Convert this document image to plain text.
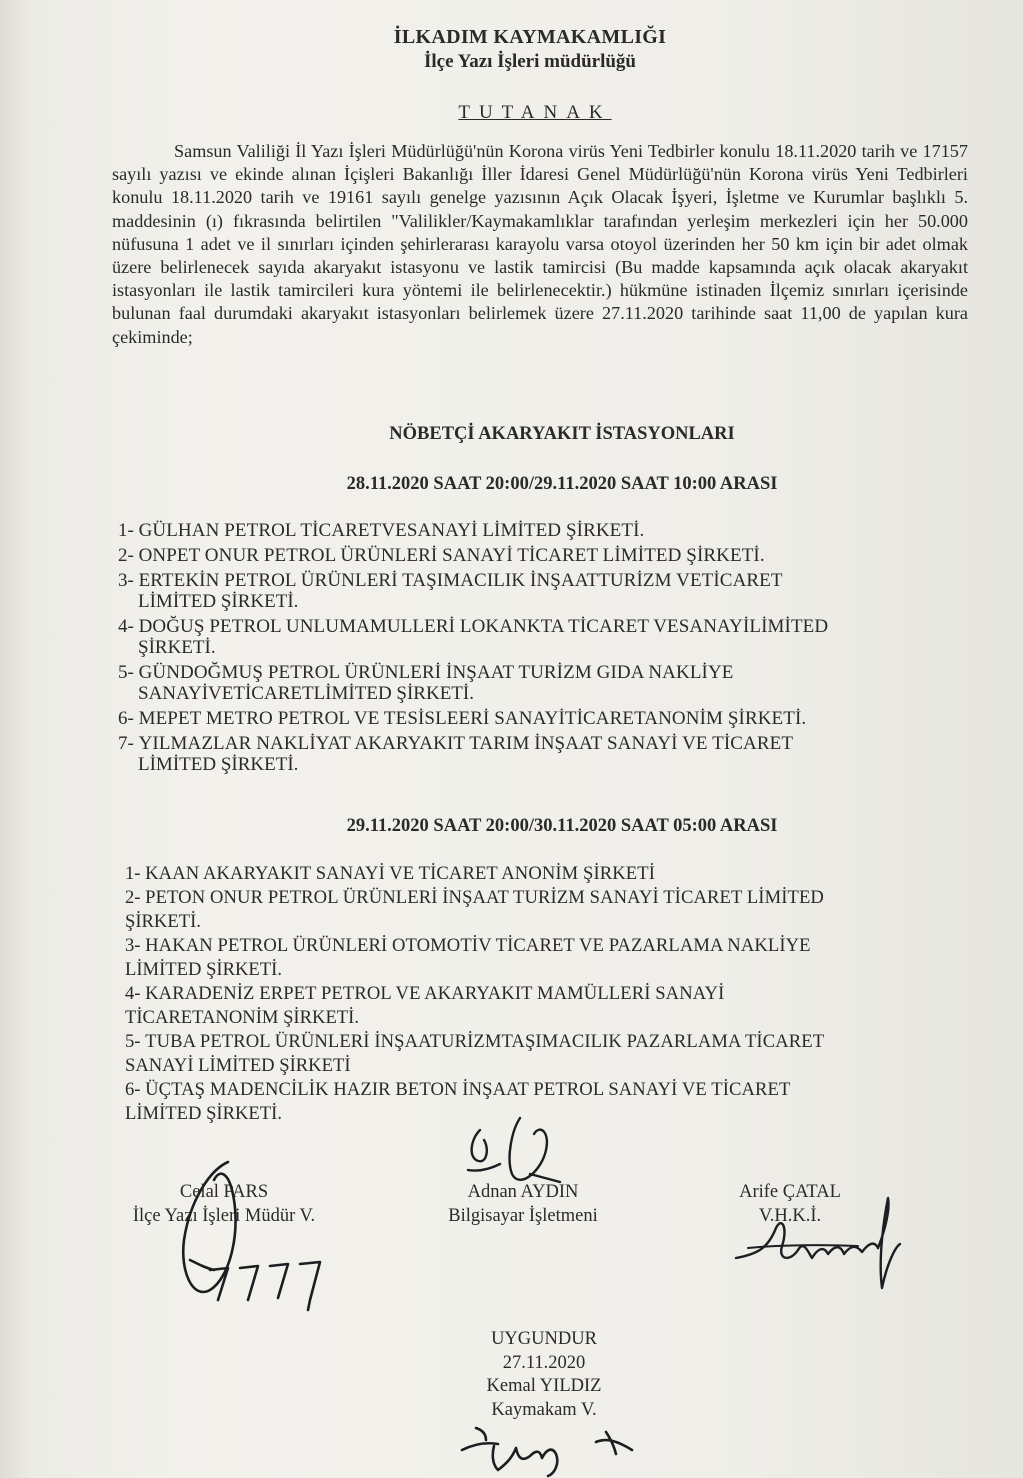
İLKADIM KAYMAKAMLIĞI
İlçe Yazı İşleri müdürlüğü
TUTANAK

Samsun Valiliği İl Yazı İşleri Müdürlüğü'nün Korona virüs Yeni Tedbirler konulu 18.11.2020 tarih ve 17157 sayılı yazısı ve ekinde alınan İçişleri Bakanlığı İller İdaresi Genel Müdürlüğü'nün Korona virüs Yeni Tedbirleri konulu 18.11.2020 tarih ve 19161 sayılı genelge yazısının Açık Olacak İşyeri, İşletme ve Kurumlar başlıklı 5. maddesinin (ı) fıkrasında belirtilen "Valilikler/Kaymakamlıklar tarafından yerleşim merkezleri için her 50.000 nüfusuna 1 adet ve il sınırları içinden şehirlerarası karayolu varsa otoyol üzerinden her 50 km için bir adet olmak üzere belirlenecek sayıda akaryakıt istasyonu ve lastik tamircisi (Bu madde kapsamında açık olacak akaryakıt istasyonları ile lastik tamircileri kura yöntemi ile belirlenecektir.) hükmüne istinaden İlçemiz sınırları içerisinde bulunan faal durumdaki akaryakıt istasyonları belirlemek üzere 27.11.2020 tarihinde saat 11,00 de yapılan kura çekiminde;

NÖBETÇİ AKARYAKIT İSTASYONLARI
28.11.2020 SAAT 20:00/29.11.2020 SAAT 10:00 ARASI
1- GÜLHAN PETROL TİCARETVESANAYİ LİMİTED ŞİRKETİ.
2- ONPET ONUR PETROL ÜRÜNLERİ SANAYİ TİCARET LİMİTED ŞİRKETİ.
3- ERTEKİN PETROL ÜRÜNLERİ TAŞIMACILIK İNŞAATTURİZM VETİCARET
LİMİTED ŞİRKETİ.
4- DOĞUŞ PETROL UNLUMAMULLERİ LOKANKTA TİCARET VESANAYİLİMİTED
ŞİRKETİ.
5- GÜNDOĞMUŞ PETROL ÜRÜNLERİ İNŞAAT TURİZM GIDA NAKLİYE
SANAYİVETİCARETLİMİTED ŞİRKETİ.
6- MEPET METRO PETROL VE TESİSLEERİ SANAYİTİCARETANONİM ŞİRKETİ.
7- YILMAZLAR NAKLİYAT AKARYAKIT TARIM İNŞAAT SANAYİ VE TİCARET
LİMİTED ŞİRKETİ.
29.11.2020 SAAT 20:00/30.11.2020 SAAT 05:00 ARASI
1- KAAN AKARYAKIT SANAYİ VE TİCARET ANONİM ŞİRKETİ
2- PETON ONUR PETROL ÜRÜNLERİ İNŞAAT TURİZM SANAYİ TİCARET LİMİTED
ŞİRKETİ.
3- HAKAN PETROL ÜRÜNLERİ OTOMOTİV TİCARET VE PAZARLAMA NAKLİYE
LİMİTED ŞİRKETİ.
4- KARADENİZ ERPET PETROL VE AKARYAKIT MAMÜLLERİ SANAYİ
TİCARETANONİM ŞİRKETİ.
5- TUBA PETROL ÜRÜNLERİ İNŞAATURİZMTAŞIMACILIK PAZARLAMA TİCARET
SANAYİ LİMİTED ŞİRKETİ
6- ÜÇTAŞ MADENCİLİK HAZIR BETON İNŞAAT PETROL SANAYİ VE TİCARET
LİMİTED ŞİRKETİ.
Celal PARS
İlçe Yazı İşleri Müdür V.
Adnan AYDIN
Bilgisayar İşletmeni
Arife ÇATAL
V.H.K.İ.
UYGUNDUR
27.11.2020
Kemal YILDIZ
Kaymakam V.
